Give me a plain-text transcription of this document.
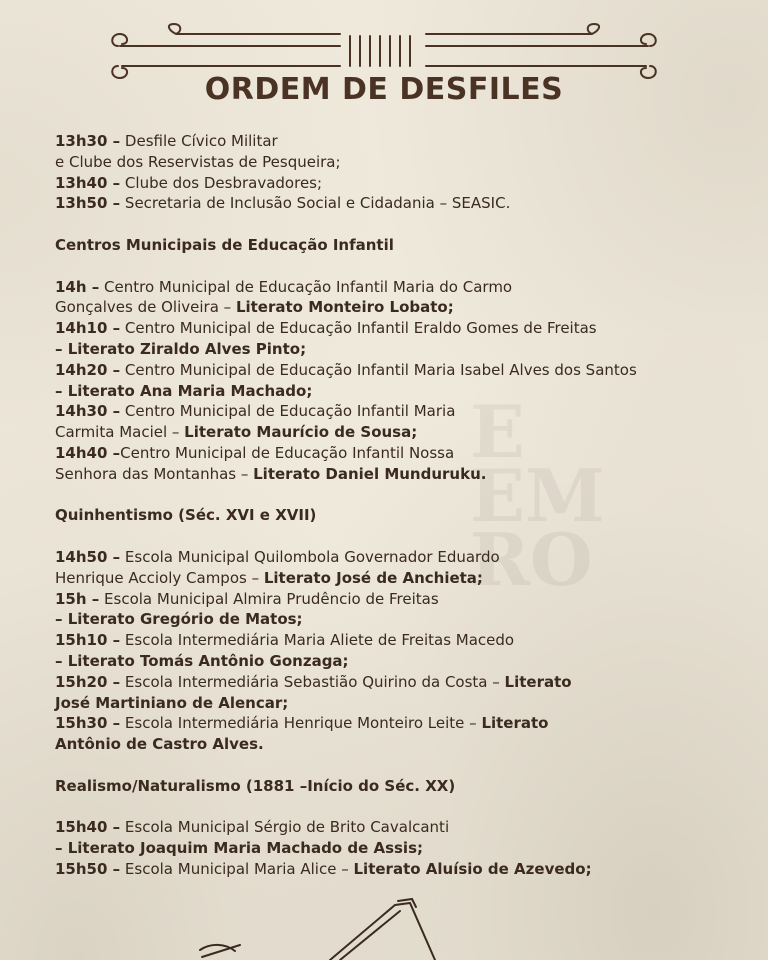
E
EM
RO
ORDEM DE DESFILES
13h30 – Desfile Cívico Militar
e Clube dos Reservistas de Pesqueira;
13h40 – Clube dos Desbravadores;
13h50 – Secretaria de Inclusão Social e Cidadania – SEASIC.
Centros Municipais de Educação Infantil
14h – Centro Municipal de Educação Infantil Maria do Carmo
Gonçalves de Oliveira – Literato Monteiro Lobato;
14h10 – Centro Municipal de Educação Infantil Eraldo Gomes de Freitas
– Literato Ziraldo Alves Pinto;
14h20 – Centro Municipal de Educação Infantil Maria Isabel Alves dos Santos
– Literato Ana Maria Machado;
14h30 – Centro Municipal de Educação Infantil Maria
Carmita Maciel – Literato Maurício de Sousa;
14h40 –Centro Municipal de Educação Infantil Nossa
Senhora das Montanhas – Literato Daniel Munduruku.
Quinhentismo (Séc. XVI e XVII)
14h50 – Escola Municipal Quilombola Governador Eduardo
Henrique Accioly Campos – Literato José de Anchieta;
15h – Escola Municipal Almira Prudêncio de Freitas
– Literato Gregório de Matos;
15h10 – Escola Intermediária Maria Aliete de Freitas Macedo
– Literato Tomás Antônio Gonzaga;
15h20 – Escola Intermediária Sebastião Quirino da Costa – Literato
José Martiniano de Alencar;
15h30 – Escola Intermediária Henrique Monteiro Leite – Literato
Antônio de Castro Alves.
Realismo/Naturalismo (1881 –Início do Séc. XX)
15h40 – Escola Municipal Sérgio de Brito Cavalcanti
– Literato Joaquim Maria Machado de Assis;
15h50 – Escola Municipal Maria Alice – Literato Aluísio de Azevedo;
